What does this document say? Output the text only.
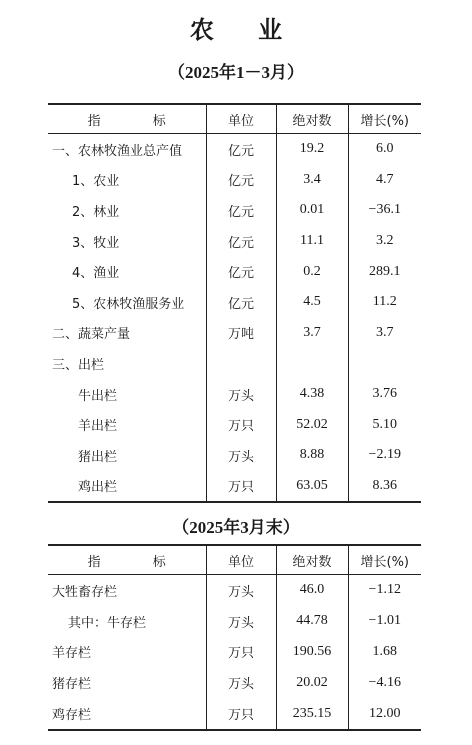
农 业
（2025年1－3月）
指 标	单位	绝对数	增长(%)
一、农林牧渔业总产值	亿元	19.2	6.0
1、农业	亿元	3.4	4.7
2、林业	亿元	0.01	−36.1
3、牧业	亿元	11.1	3.2
4、渔业	亿元	0.2	289.1
5、农林牧渔服务业	亿元	4.5	11.2
二、蔬菜产量	万吨	3.7	3.7
三、出栏			
牛出栏	万头	4.38	3.76
羊出栏	万只	52.02	5.10
猪出栏	万头	8.88	−2.19
鸡出栏	万只	63.05	8.36
（2025年3月末）
指 标	单位	绝对数	增长(%)
大牲畜存栏	万头	46.0	−1.12
其中：牛存栏	万头	44.78	−1.01
羊存栏	万只	190.56	1.68
猪存栏	万头	20.02	−4.16
鸡存栏	万只	235.15	12.00
